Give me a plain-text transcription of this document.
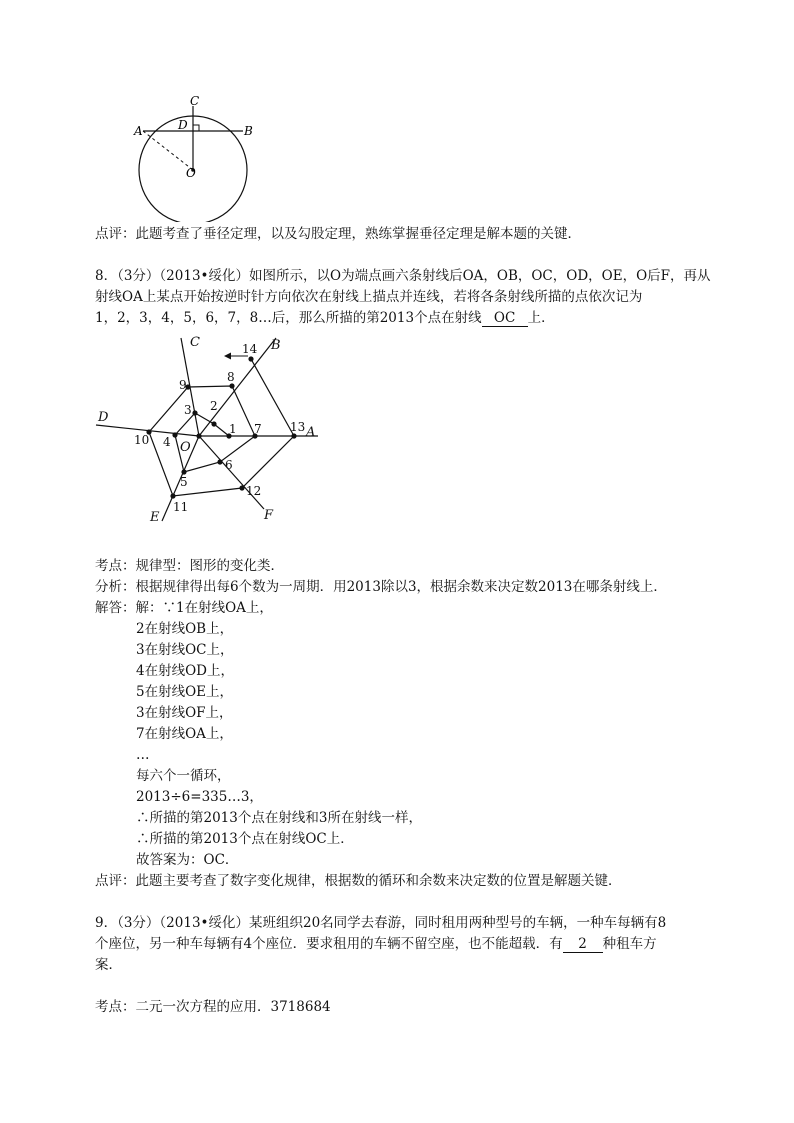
C
D
A	B
O
点评：此题考查了垂径定理，以及勾股定理，熟练掌握垂径定理是解本题的关键．
8．（3分）（2013•绥化）如图所示，以O为端点画六条射线后OA，OB，OC，OD，OE，O后F，再从
射线OA上某点开始按逆时针方向依次在射线上描点并连线，若将各条射线所描的点依次记为
1，2，3，4，5，6，7，8…后，那么所描的第2013个点在射线 OC 上．
1
2
3
4
5
6
7
8
9
10
11
12
13
14
A
B
C
D
E	F
O
考点：规律型：图形的变化类．
分析：根据规律得出每6个数为一周期．用2013除以3，根据余数来决定数2013在哪条射线上．
解答：解：∵1在射线OA上，
2在射线OB上，
3在射线OC上，
4在射线OD上，
5在射线OE上，
3在射线OF上，
7在射线OA上，
…
每六个一循环，
2013÷6=335…3，
∴所描的第2013个点在射线和3所在射线一样，
∴所描的第2013个点在射线OC上．
故答案为：OC．
点评：此题主要考查了数字变化规律，根据数的循环和余数来决定数的位置是解题关键．
9．（3分）（2013•绥化）某班组织20名同学去春游，同时租用两种型号的车辆，一种车每辆有8
个座位，另一种车每辆有4个座位．要求租用的车辆不留空座，也不能超载．有 2 种租车方
案．
考点：二元一次方程的应用．3718684
